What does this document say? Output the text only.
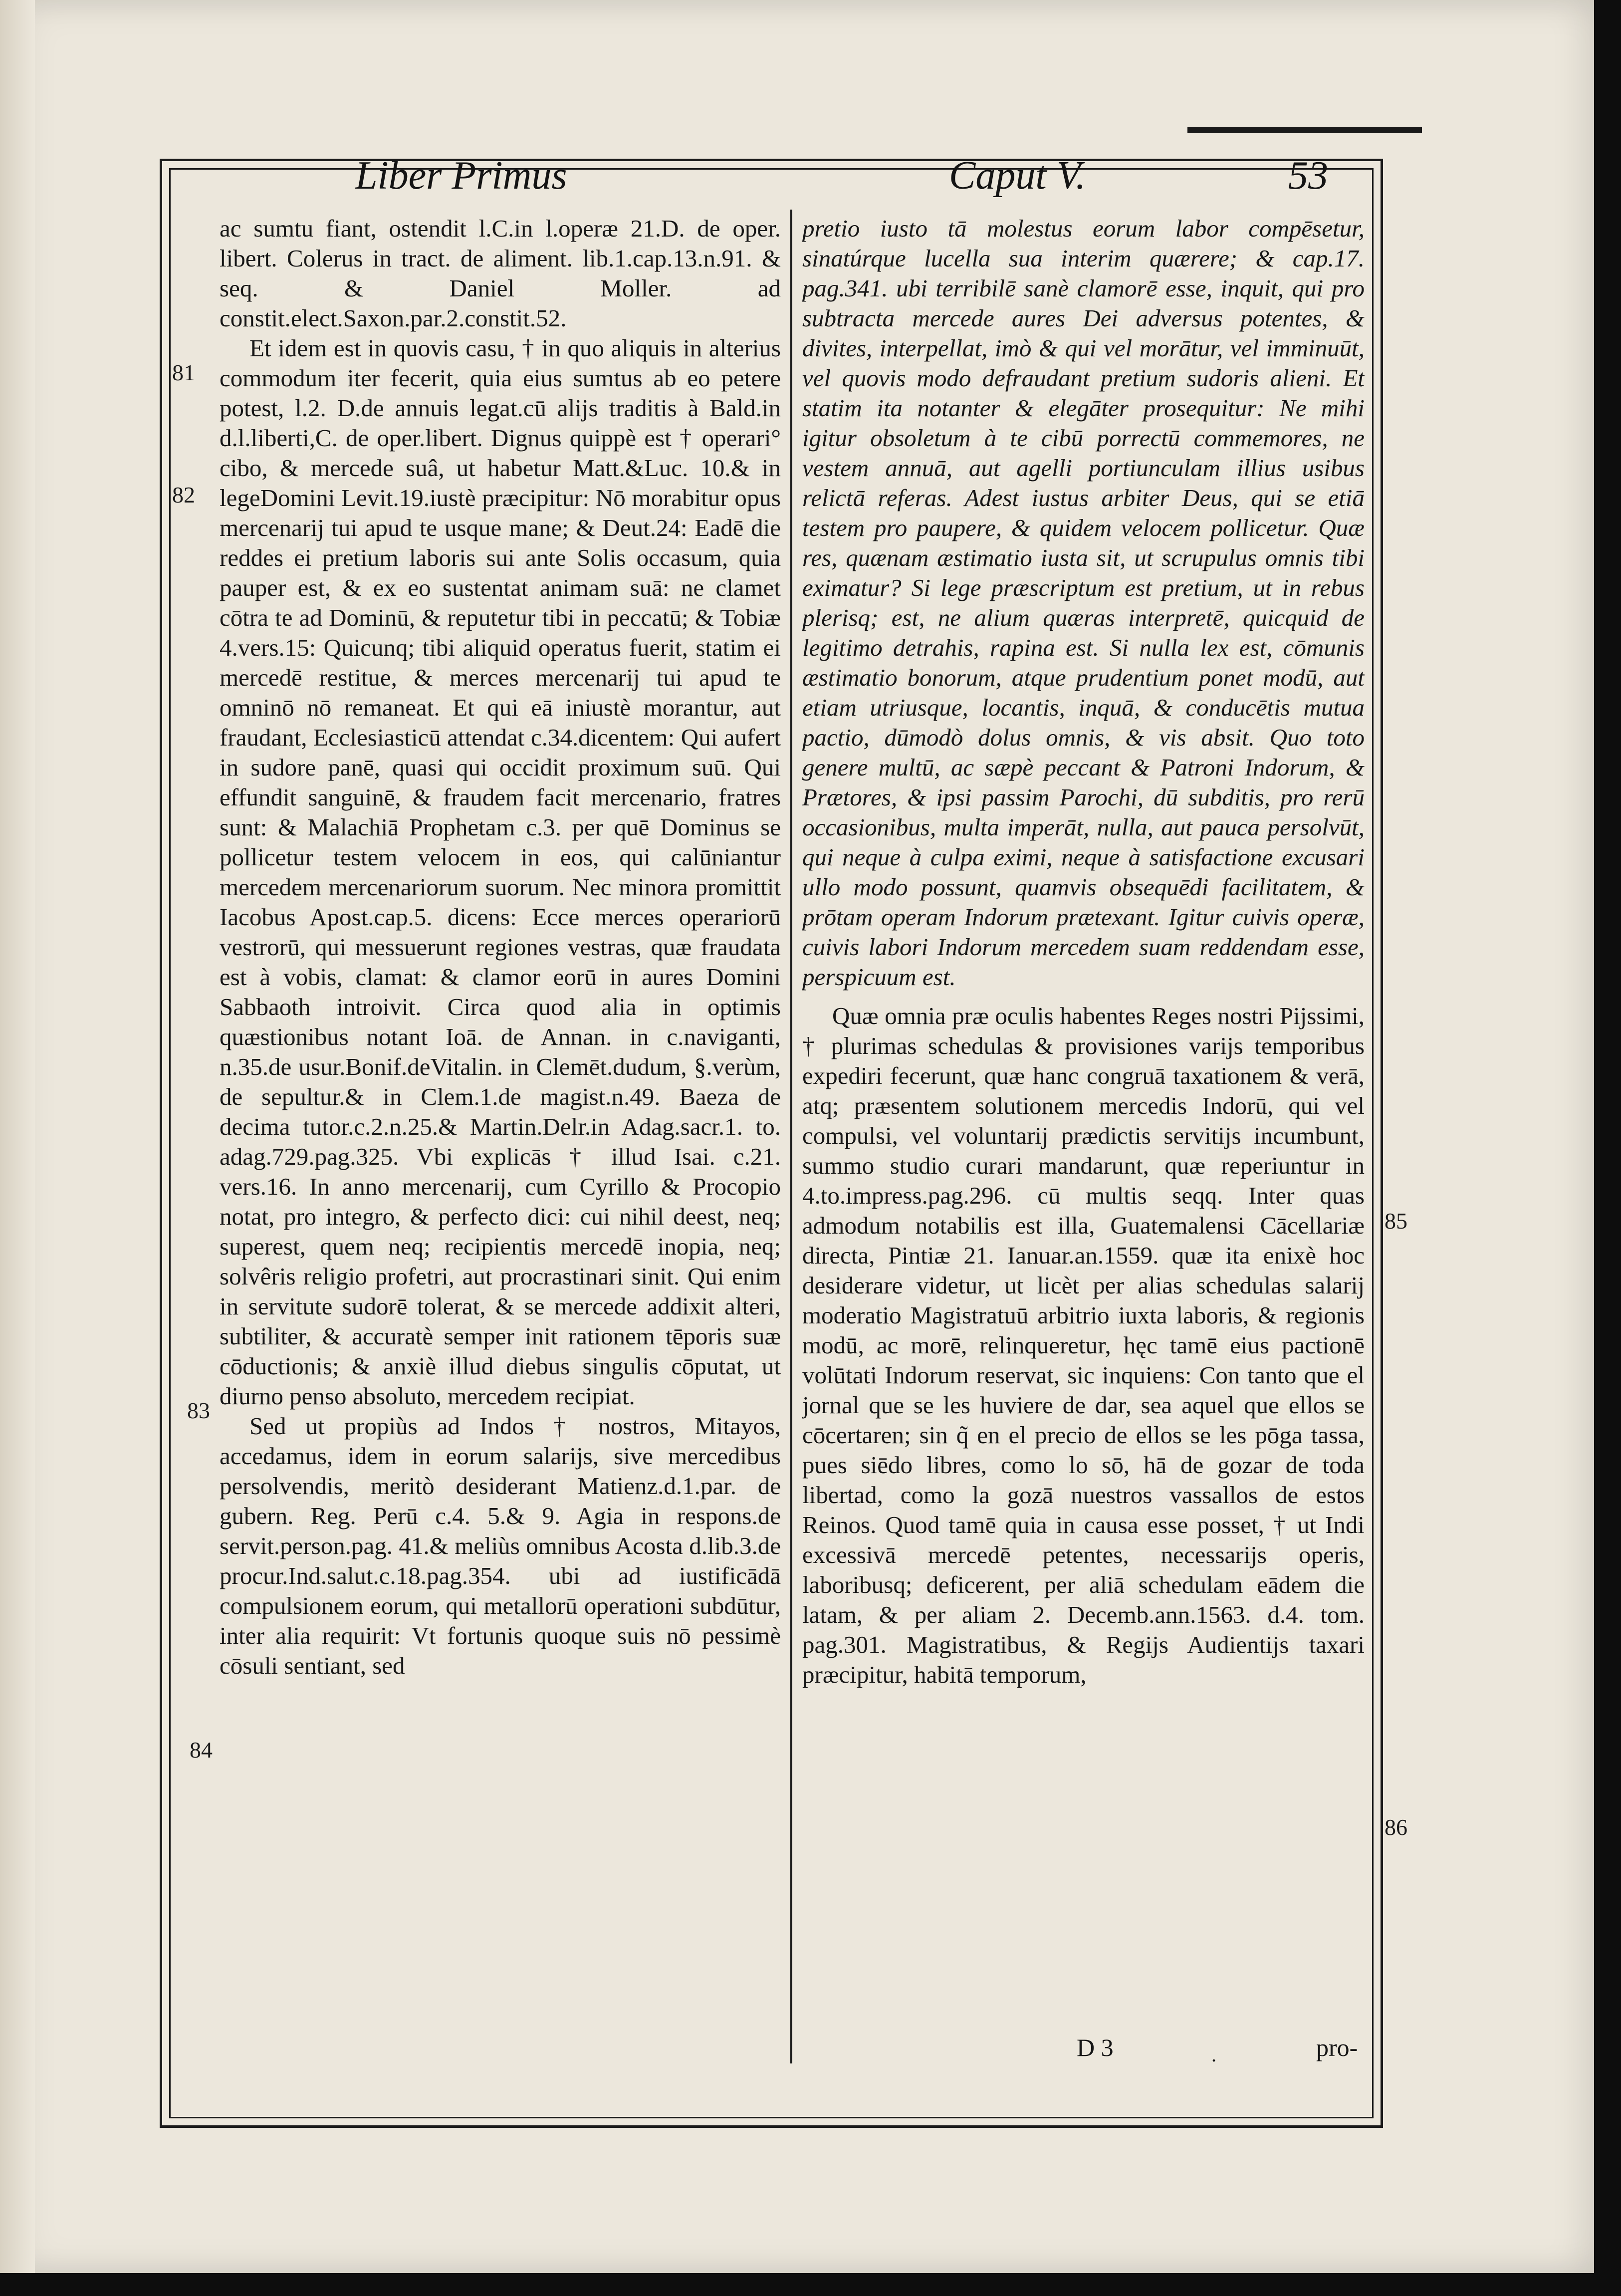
Liber Primus	Caput V.	53

ac sumtu fiant, ostendit l.C.in l.operæ 21.D. de oper. libert. Colerus in tract. de aliment. lib.1.cap.13.n.91. & seq. & Daniel Moller. ad constit.elect.Saxon.par.2.constit.52.

Et idem est in quovis casu, † in quo aliquis in alterius commodum iter fecerit, quia eius sumtus ab eo petere potest, l.2. D.de annuis legat.cū alijs traditis à Bald.in d.l.liberti,C. de oper.libert. Dignus quippè est † operari° cibo, & mercede suâ, ut habetur Matt.&Luc. 10.& in legeDomini Levit.19.iustè præcipitur: Nō morabitur opus mercenarij tui apud te usque mane; & Deut.24: Eadē die reddes ei pretium laboris sui ante Solis occasum, quia pauper est, & ex eo sustentat animam suā: ne clamet cōtra te ad Dominū, & reputetur tibi in peccatū; & Tobiæ 4.vers.15: Quicunq; tibi aliquid operatus fuerit, statim ei mercedē restitue, & merces mercenarij tui apud te omninō nō remaneat. Et qui eā iniustè morantur, aut fraudant, Ecclesiasticū attendat c.34.dicentem: Qui aufert in sudore panē, quasi qui occidit proximum suū. Qui effundit sanguinē, & fraudem facit mercenario, fratres sunt: & Malachiā Prophetam c.3. per quē Dominus se pollicetur testem velocem in eos, qui calūniantur mercedem mercenariorum suorum. Nec minora promittit Iacobus Apost.cap.5. dicens: Ecce merces operariorū vestrorū, qui messuerunt regiones vestras, quæ fraudata est à vobis, clamat: & clamor eorū in aures Domini Sabbaoth introivit. Circa quod alia in optimis quæstionibus notant Ioā. de Annan. in c.naviganti, n.35.de usur.Bonif.deVitalin. in Clemēt.dudum, §.verùm, de sepultur.& in Clem.1.de magist.n.49. Baeza de decima tutor.c.2.n.25.& Martin.Delr.in Adag.sacr.1. to. adag.729.pag.325. Vbi explicās † illud Isai. c.21. vers.16. In anno mercenarij, cum Cyrillo & Procopio notat, pro integro, & perfecto dici: cui nihil deest, neq; superest, quem neq; recipientis mercedē inopia, neq; solvêris religio profetri, aut procrastinari sinit. Qui enim in servitute sudorē tolerat, & se mercede addixit alteri, subtiliter, & accuratè semper init rationem tēporis suæ cōductionis; & anxiè illud diebus singulis cōputat, ut diurno penso absoluto, mercedem recipiat.

Sed ut propiùs ad Indos † nostros, Mitayos, accedamus, idem in eorum salarijs, sive mercedibus persolvendis, meritò desiderant Matienz.d.1.par. de gubern. Reg. Perū c.4. 5.& 9. Agia in respons.de servit.person.pag. 41.& meliùs omnibus Acosta d.lib.3.de procur.Ind.salut.c.18.pag.354. ubi ad iustificādā compulsionem eorum, qui metallorū operationi subdūtur, inter alia requirit: Vt fortunis quoque suis nō pessimè cōsuli sentiant, sed

pretio iusto tā molestus eorum labor compēsetur, sinatúrque lucella sua interim quærere; & cap.17. pag.341. ubi terribilē sanè clamorē esse, inquit, qui pro subtracta mercede aures Dei adversus potentes, & divites, interpellat, imò & qui vel morātur, vel imminuūt, vel quovis modo defraudant pretium sudoris alieni. Et statim ita notanter & elegāter prosequitur: Ne mihi igitur obsoletum à te cibū porrectū commemores, ne vestem annuā, aut agelli portiunculam illius usibus relictā referas. Adest iustus arbiter Deus, qui se etiā testem pro paupere, & quidem velocem pollicetur. Quæ res, quænam æstimatio iusta sit, ut scrupulus omnis tibi eximatur? Si lege præscriptum est pretium, ut in rebus plerisq; est, ne alium quæras interpretē, quicquid de legitimo detrahis, rapina est. Si nulla lex est, cōmunis æstimatio bonorum, atque prudentium ponet modū, aut etiam utriusque, locantis, inquā, & conducētis mutua pactio, dūmodò dolus omnis, & vis absit. Quo toto genere multū, ac sæpè peccant & Patroni Indorum, & Prætores, & ipsi passim Parochi, dū subditis, pro rerū occasionibus, multa imperāt, nulla, aut pauca persolvūt, qui neque à culpa eximi, neque à satisfactione excusari ullo modo possunt, quamvis obsequēdi facilitatem, & prōtam operam Indorum prætexant. Igitur cuivis operæ, cuivis labori Indorum mercedem suam reddendam esse, perspicuum est.

Quæ omnia præ oculis habentes Reges nostri Pijssimi, † plurimas schedulas & provisiones varijs temporibus expediri fecerunt, quæ hanc congruā taxationem & verā, atq; præsentem solutionem mercedis Indorū, qui vel compulsi, vel voluntarij prædictis servitijs incumbunt, summo studio curari mandarunt, quæ reperiuntur in 4.to.impress.pag.296. cū multis seqq. Inter quas admodum notabilis est illa, Guatemalensi Cācellariæ directa, Pintiæ 21. Ianuar.an.1559. quæ ita enixè hoc desiderare videtur, ut licèt per alias schedulas salarij moderatio Magistratuū arbitrio iuxta laboris, & regionis modū, ac morē, relinqueretur, hęc tamē eius pactionē volūtati Indorum reservat, sic inquiens: Con tanto que el jornal que se les huviere de dar, sea aquel que ellos se cōcertaren; sin q̃ en el precio de ellos se les pōga tassa, pues siēdo libres, como lo sō, hā de gozar de toda libertad, como la gozā nuestros vassallos de estos Reinos. Quod tamē quia in causa esse posset, † ut Indi excessivā mercedē petentes, necessarijs operis, laboribusq; deficerent, per aliā schedulam eādem die latam, & per aliam 2. Decemb.ann.1563. d.4. tom. pag.301. Magistratibus, & Regijs Audientijs taxari præcipitur, habitā temporum,

81
82
83
84
85
86
D 3	.	pro-
